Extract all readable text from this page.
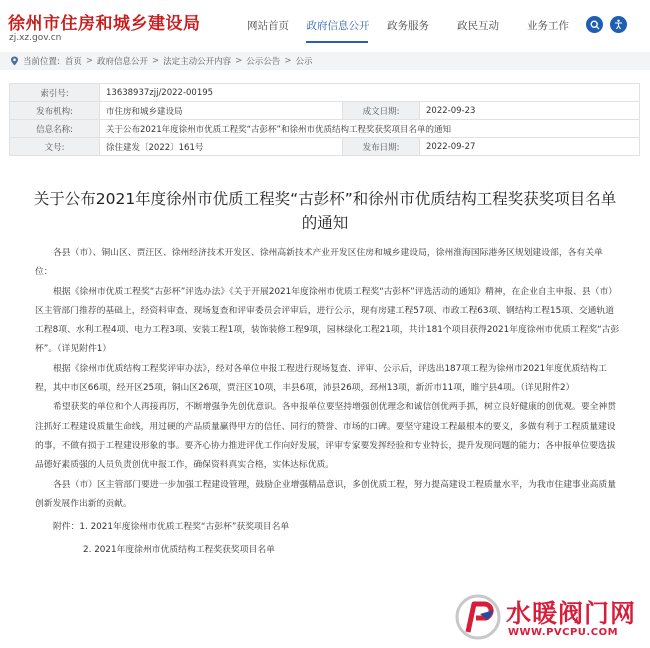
徐州市住房和城乡建设局
zj.xz.gov.cn
网站首页	政府信息公开	政务服务	政民互动	业务工作
当前位置: 首页 > 政府信息公开 > 法定主动公开内容 > 公示公告 > 公示
索引号:	13638937zjj/2022-00195		
发布机构:	市住房和城乡建设局	成文日期:	2022-09-23
信息名称:	关于公布2021年度徐州市优质工程奖“古彭杯”和徐州市优质结构工程奖获奖项目名单的通知		
文号:	徐住建发〔2022〕161号	发布日期:	2022-09-27
关于公布2021年度徐州市优质工程奖“古彭杯”和徐州市优质结构工程奖获奖项目名单
的通知

各县（市）、铜山区、贾汪区、徐州经济技术开发区、徐州高新技术产业开发区住房和城乡建设局，徐州淮海国际港务区规划建设部，各有关单位：

根据《徐州市优质工程奖“古彭杯”评选办法》《关于开展2021年度徐州市优质工程奖“古彭杯”评选活动的通知》精神，在企业自主申报、县（市）区主管部门推荐的基础上，经资料审查、现场复查和评审委员会评审后，进行公示，现有房建工程57项、市政工程63项、钢结构工程15项、交通轨道工程8项、水利工程4项、电力工程3项、安装工程1项，装饰装修工程9项，园林绿化工程21项，共计181个项目获得2021年度徐州市优质工程奖“古彭杯”。（详见附件1）

根据《徐州市优质结构工程奖评审办法》，经对各单位申报工程进行现场复查、评审、公示后，评选出187项工程为徐州市2021年度优质结构工程，其中市区66项，经开区25项，铜山区26项，贾汪区10项，丰县6项，沛县26项，邳州13项，新沂市11项，睢宁县4项。（详见附件2）

希望获奖的单位和个人再接再厉，不断增强争先创优意识。各申报单位要坚持增强创优理念和诚信创优两手抓，树立良好健康的创优观。要全神贯注抓好工程建设质量生命线，用过硬的产品质量赢得甲方的信任、同行的赞誉、市场的口碑。要坚守建设工程最根本的要义，多做有利于工程质量建设的事，不做有损于工程建设形象的事。要齐心协力推进评优工作向好发展，评审专家要发挥经验和专业特长，提升发现问题的能力；各申报单位要选拔品德好素质强的人员负责创优申报工作，确保资料真实合格，实体达标优质。

各县（市）区主管部门要进一步加强工程建设管理，鼓励企业增强精品意识，多创优质工程，努力提高建设工程质量水平，为我市住建事业高质量创新发展作出新的贡献。

附件：1. 2021年度徐州市优质工程奖“古彭杯”获奖项目名单

2. 2021年度徐州市优质结构工程奖获奖项目名单

水暖阀门网
WWW.PVCPU.COM
